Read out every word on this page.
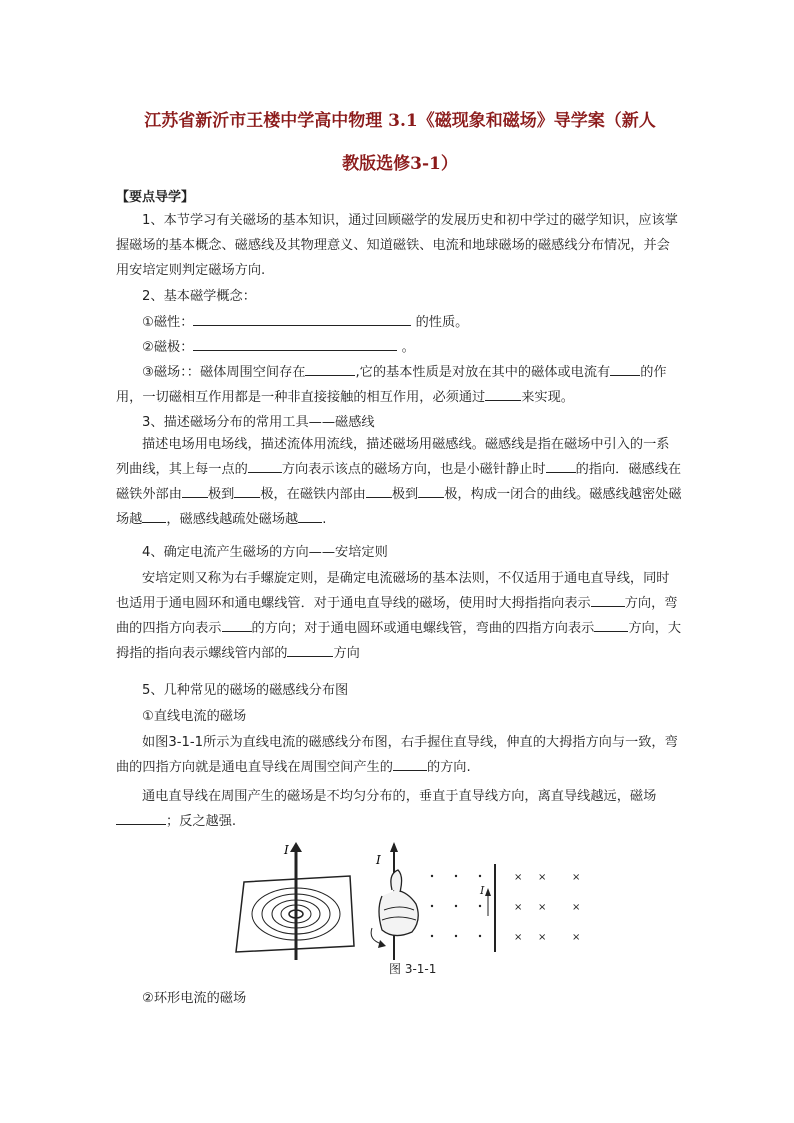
江苏省新沂市王楼中学高中物理 3.1《磁现象和磁场》导学案（新人
教版选修3-1）
【要点导学】
1、本节学习有关磁场的基本知识，通过回顾磁学的发展历史和初中学过的磁学知识，应该掌握磁场的基本概念、磁感线及其物理意义、知道磁铁、电流和地球磁场的磁感线分布情况，并会用安培定则判定磁场方向.
2、基本磁学概念：
①磁性：	的性质。
②磁极：	。
③磁场：：磁体周围空间存在	,它的基本性质是对放在其中的磁体或电流有 的作用，一切磁相互作用都是一种非直接接触的相互作用，必须通过	来实现。
3、描述磁场分布的常用工具——磁感线
描述电场用电场线，描述流体用流线，描述磁场用磁感线。磁感线是指在磁场中引入的一系列曲线，其上每一点的	方向表示该点的磁场方向，也是小磁针静止时 的指向．磁感线在磁铁外部由 极到 极，在磁铁内部由 极到 极，构成一闭合的曲线。磁感线越密处磁场越 ，磁感线越疏处磁场越 .
4、确定电流产生磁场的方向——安培定则
安培定则又称为右手螺旋定则，是确定电流磁场的基本法则，不仅适用于通电直导线，同时也适用于通电圆环和通电螺线管．对于通电直导线的磁场，使用时大拇指指向表示	方向，弯曲的四指方向表示 的方向；对于通电圆环或通电螺线管，弯曲的四指方向表示	方向，大拇指的指向表示螺线管内部的	方向
5、几种常见的磁场的磁感线分布图
①直线电流的磁场
如图3-1-1所示为直线电流的磁感线分布图，右手握住直导线，伸直的大拇指方向与一致，弯曲的四指方向就是通电直导线在周围空间产生的	的方向.
通电直导线在周围产生的磁场是不均匀分布的，垂直于直导线方向，离直导线越远，磁场；反之越强.
I
I
I
× ×	×
× ×	×
× ×	×
图 3-1-1
②环形电流的磁场
